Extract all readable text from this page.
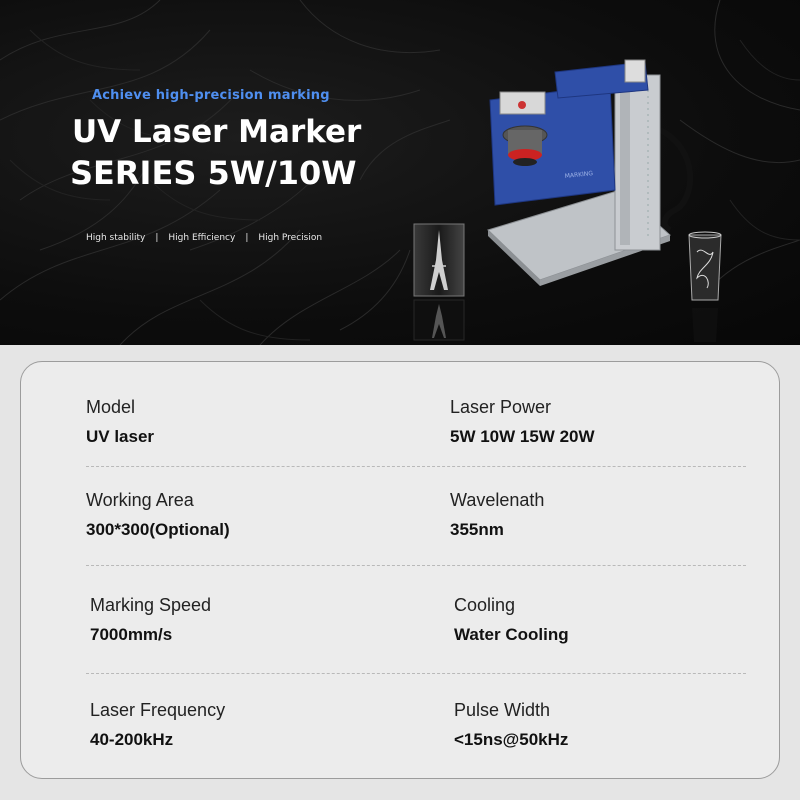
Achieve high-precision marking
UV Laser Marker
SERIES 5W/10W
High stability | High Efficiency | High Precision
MARKING
Model
UV laser
Laser Power
5W 10W 15W 20W
Working Area
300*300(Optional)
Wavelenath
355nm
Marking Speed
7000mm/s
Cooling
Water Cooling
Laser Frequency
40-200kHz
Pulse Width
<15ns@50kHz
